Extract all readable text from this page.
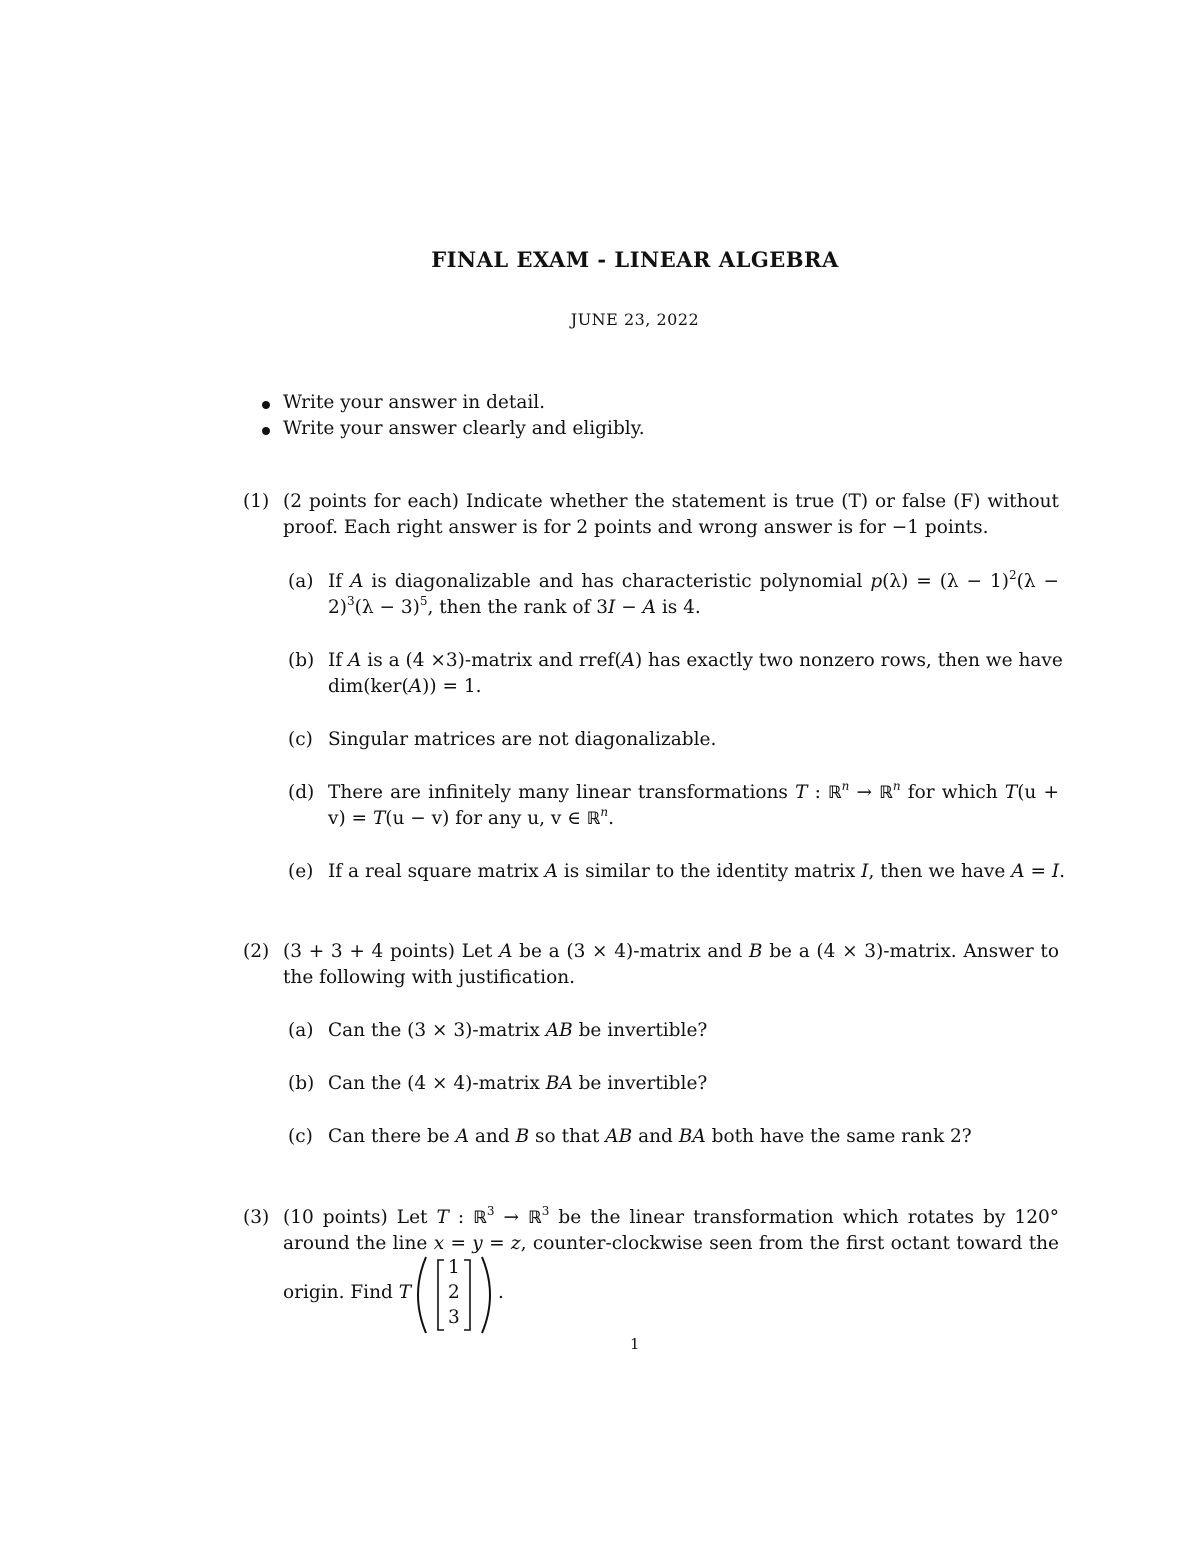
FINAL EXAM - LINEAR ALGEBRA
JUNE 23, 2022
Write your answer in detail.
Write your answer clearly and eligibly.
(1) (2 points for each) Indicate whether the statement is true (T) or false (F) without
proof. Each right answer is for 2 points and wrong answer is for −1 points.
(a) If A is diagonalizable and has characteristic polynomial $p(\lambda) = (\lambda - 1)^2(\lambda$ −
$2)^3(\lambda - 3)^5$, then the rank of 3I − A is 4.
(b) If A is a (4 ×3)-matrix and rref(A) has exactly two nonzero rows, then we have
dim(ker(A)) = 1.
(c) Singular matrices are not diagonalizable.
(d) There are infinitely many linear transformations T : ℝ$^n$ → ℝ$^n$ for which T(u +
v) = T(u − v) for any u, v ∈ ℝ$^n$.
(e) If a real square matrix A is similar to the identity matrix I, then we have A = I.
(2) (3 + 3 + 4 points) Let A be a (3 × 4)-matrix and B be a (4 × 3)-matrix. Answer to
the following with justification.
(a) Can the (3 × 3)-matrix AB be invertible?
(b) Can the (4 × 4)-matrix BA be invertible?
(c) Can there be A and B so that AB and BA both have the same rank 2?
(3) (10 points) Let T : ℝ$^3$ → ℝ$^3$ be the linear transformation which rotates by 120°
around the line x = y = z, counter-clockwise seen from the first octant toward the
origin. Find T
1
2
3
.
1
